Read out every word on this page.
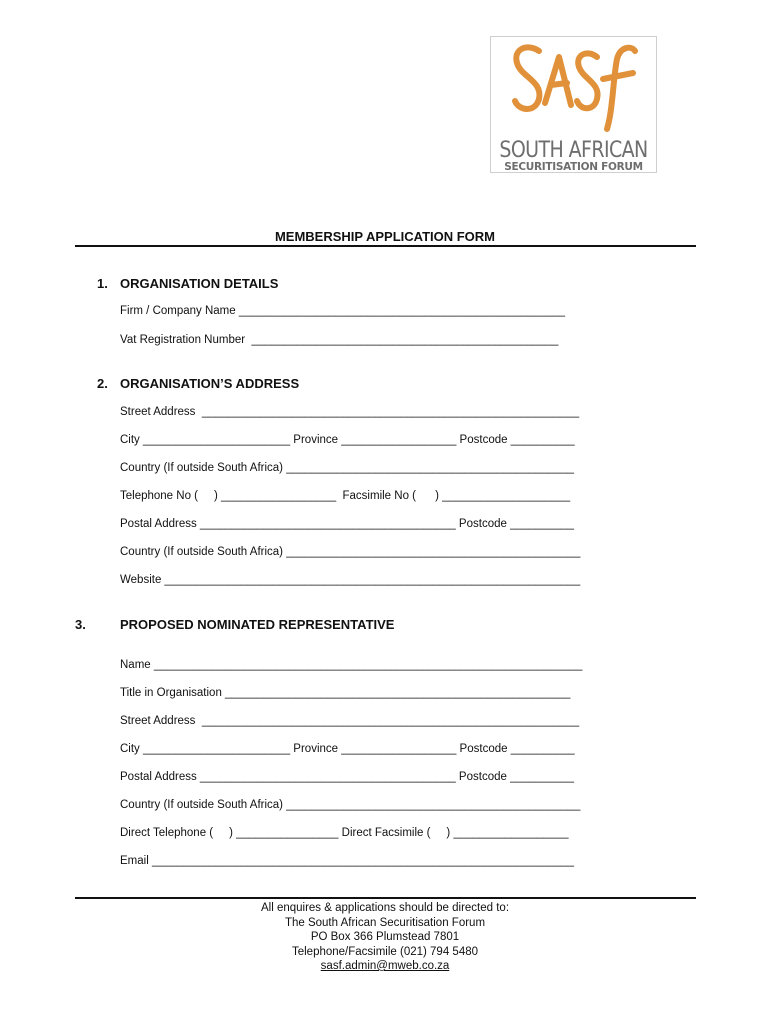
SOUTH AFRICAN
SECURITISATION FORUM
MEMBERSHIP APPLICATION FORM
1. ORGANISATION DETAILS
Firm / Company Name ___________________________________________________
Vat Registration Number  ________________________________________________
2. ORGANISATION’S ADDRESS
Street Address  ___________________________________________________________
City _______________________ Province __________________ Postcode __________
Country (If outside South Africa) _____________________________________________
Telephone No (     ) __________________  Facsimile No (      ) ____________________
Postal Address ________________________________________ Postcode __________
Country (If outside South Africa) ______________________________________________
Website _________________________________________________________________
3.	PROPOSED NOMINATED REPRESENTATIVE
Name ___________________________________________________________________
Title in Organisation ______________________________________________________
Street Address  ___________________________________________________________
City _______________________ Province __________________ Postcode __________
Postal Address ________________________________________ Postcode __________
Country (If outside South Africa) ______________________________________________
Direct Telephone (     ) ________________ Direct Facsimile (     ) __________________
Email __________________________________________________________________
All enquires & applications should be directed to:
The South African Securitisation Forum
PO Box 366 Plumstead 7801
Telephone/Facsimile (021) 794 5480
sasf.admin@mweb.co.za
